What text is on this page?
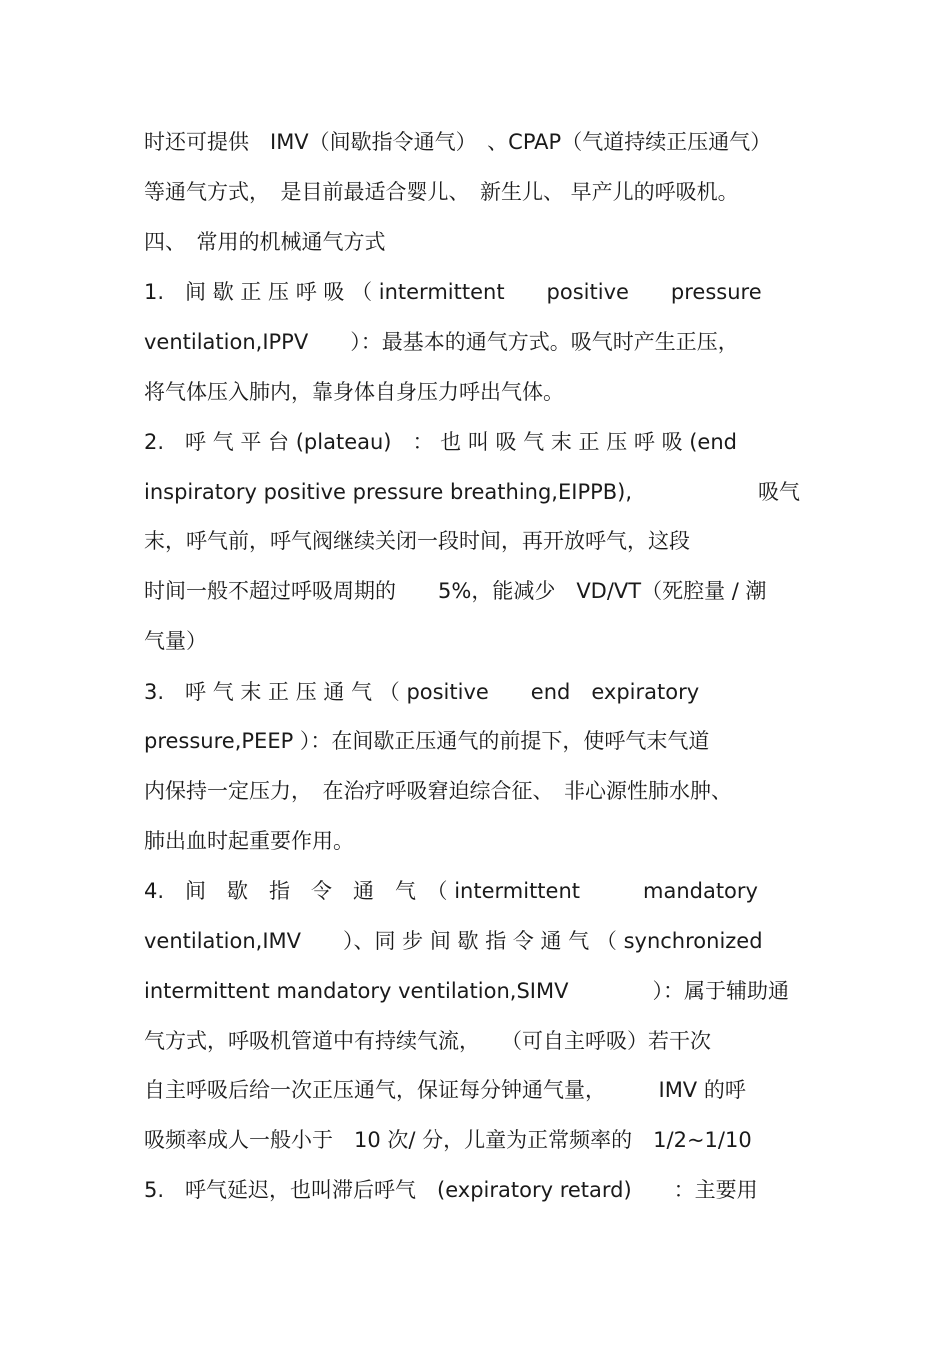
时还可提供　IMV（间歇指令通气）　、CPAP（气道持续正压通气）
等通气方式，　是目前最适合婴儿、　新生儿、 早产儿的呼吸机。
四、　常用的机械通气方式
1.　间 歇 正 压 呼 吸 （ intermittent　　positive　　pressure
ventilation,IPPV　　）：最基本的通气方式。吸气时产生正压，
将气体压入肺内，靠身体自身压力呼出气体。
2.　呼 气 平 台 (plateau)　： 也 叫 吸 气 末 正 压 呼 吸 (end
inspiratory positive pressure breathing,EIPPB),　　　　　　吸气
末，呼气前，呼气阀继续关闭一段时间，再开放呼气，这段
时间一般不超过呼吸周期的　　5%，能减少　VD/VT（死腔量 / 潮
气量）
3.　呼 气 末 正 压 通 气 （ positive　　end　expiratory
pressure,PEEP ）：在间歇正压通气的前提下，使呼气末气道
内保持一定压力，　在治疗呼吸窘迫综合征、　非心源性肺水肿、
肺出血时起重要作用。
4.　间　歇　指　令　通　气　（ intermittent　　　mandatory
ventilation,IMV　　）、同 步 间 歇 指 令 通 气 （ synchronized
intermittent mandatory ventilation,SIMV　　　　）：属于辅助通
气方式，呼吸机管道中有持续气流，　　（可自主呼吸）若干次
自主呼吸后给一次正压通气，保证每分钟通气量，　　　IMV 的呼
吸频率成人一般小于　10 次/ 分，儿童为正常频率的　1/2~1/10
5.　呼气延迟，也叫滞后呼气　(expiratory retard)　　：主要用
